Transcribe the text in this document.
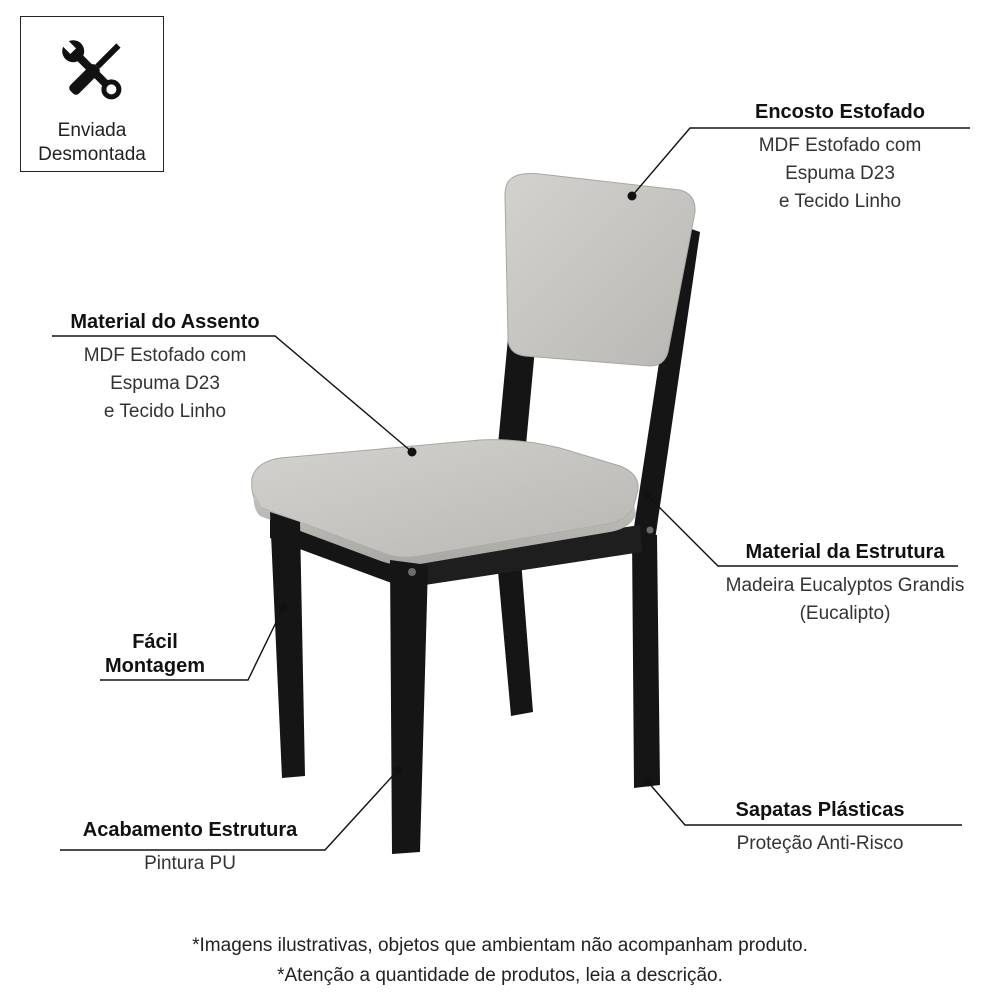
Enviada
Desmontada
Encosto Estofado
MDF Estofado com
Espuma D23
e Tecido Linho
Material do Assento
MDF Estofado com
Espuma D23
e Tecido Linho
Material da Estrutura
Madeira Eucalyptos Grandis
(Eucalipto)
Fácil
Montagem
Sapatas Plásticas
Proteção Anti-Risco
Acabamento Estrutura
Pintura PU
*Imagens ilustrativas, objetos que ambientam não acompanham produto.
*Atenção a quantidade de produtos, leia a descrição.
